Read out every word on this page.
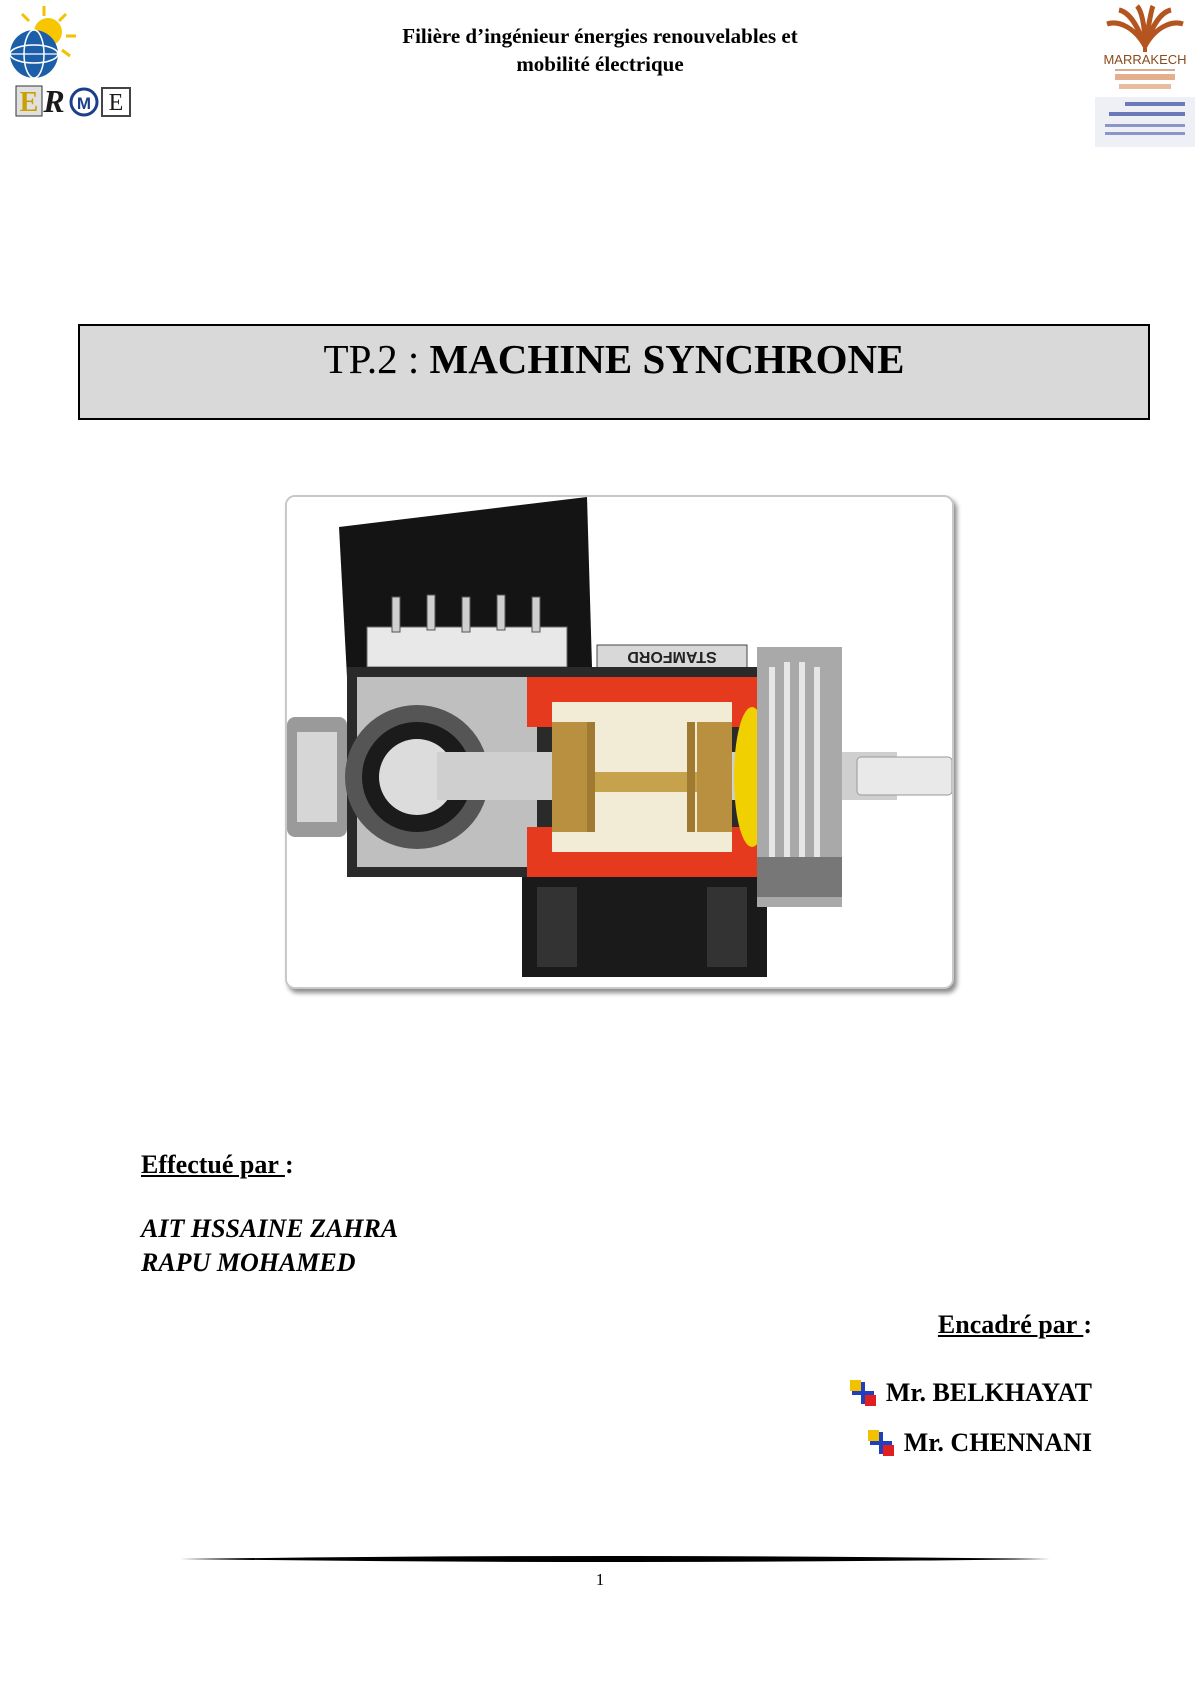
E R M E
Filière d’ingénieur énergies renouvelables et
mobilité électrique	MARRAKECH
TP.2 : MACHINE SYNCHRONE
STAMFORD
Effectué par :
AIT HSSAINE ZAHRA
RAPU MOHAMED
Encadré par :
Mr. BELKHAYAT
Mr. CHENNANI
1
